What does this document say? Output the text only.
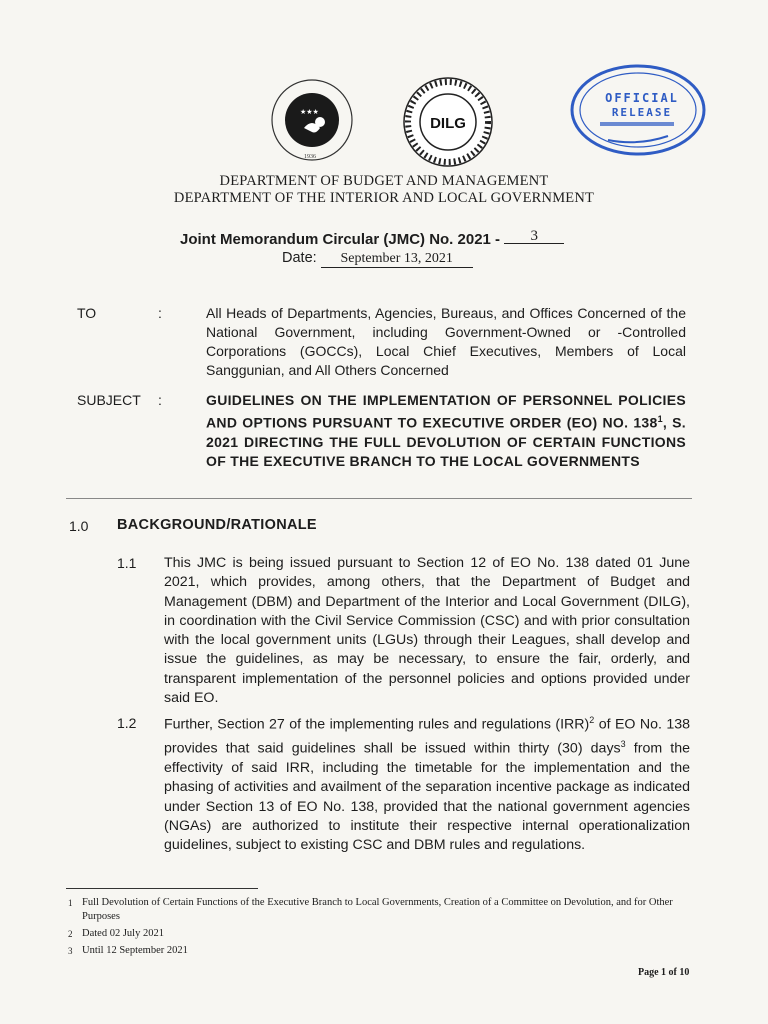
★★★
1936
DILG
OFFICIAL
RELEASE
DEPARTMENT OF BUDGET AND MANAGEMENT
DEPARTMENT OF THE INTERIOR AND LOCAL GOVERNMENT
Joint Memorandum Circular (JMC) No. 2021 - 3
Date: September 13, 2021
TO	:	All Heads of Departments, Agencies, Bureaus, and Offices Concerned of the National Government, including Government-Owned or -Controlled Corporations (GOCCs), Local Chief Executives, Members of Local Sanggunian, and All Others Concerned
SUBJECT :	GUIDELINES ON THE IMPLEMENTATION OF PERSONNEL POLICIES AND OPTIONS PURSUANT TO EXECUTIVE ORDER (EO) NO. $138^1$, S. 2021 DIRECTING THE FULL DEVOLUTION OF CERTAIN FUNCTIONS OF THE EXECUTIVE BRANCH TO THE LOCAL GOVERNMENTS
1.0 BACKGROUND/RATIONALE
1.1 This JMC is being issued pursuant to Section 12 of EO No. 138 dated 01 June 2021, which provides, among others, that the Department of Budget and Management (DBM) and Department of the Interior and Local Government (DILG), in coordination with the Civil Service Commission (CSC) and with prior consultation with the local government units (LGUs) through their Leagues, shall develop and issue the guidelines, as may be necessary, to ensure the fair, orderly, and transparent implementation of the personnel policies and options provided under said EO.
1.2 Further, Section 27 of the implementing rules and regulations (IRR)$^2$ of EO No. 138 provides that said guidelines shall be issued within thirty (30) days$^3$ from the effectivity of said IRR, including the timetable for the implementation and the phasing of activities and availment of the separation incentive package as indicated under Section 13 of EO No. 138, provided that the national government agencies (NGAs) are authorized to institute their respective internal operationalization guidelines, subject to existing CSC and DBM rules and regulations.
1 Full Devolution of Certain Functions of the Executive Branch to Local Governments, Creation of a Committee on Devolution, and for Other Purposes
2 Dated 02 July 2021
3 Until 12 September 2021
Page 1 of 10
